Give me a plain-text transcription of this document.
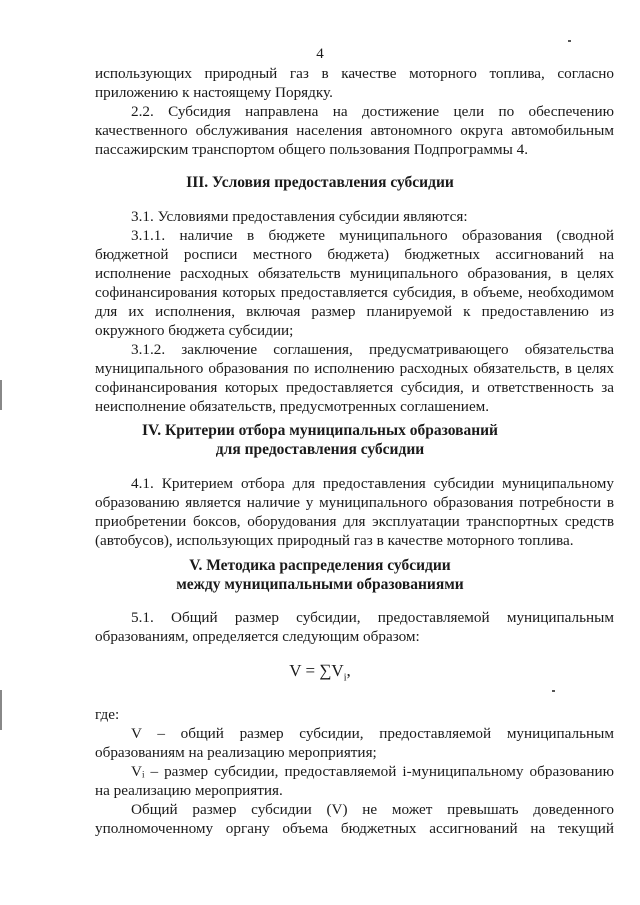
4
использующих природный газ в качестве моторного топлива, согласно
приложению к настоящему Порядку.
2.2. Субсидия направлена на достижение цели по обеспечению
качественного обслуживания населения автономного округа автомобильным
пассажирским транспортом общего пользования Подпрограммы 4.
3.1. Условиями предоставления субсидии являются:
3.1.1. наличие в бюджете муниципального образования (сводной
бюджетной росписи местного бюджета) бюджетных ассигнований на
исполнение расходных обязательств муниципального образования, в целях
софинансирования которых предоставляется субсидия, в объеме, необходимом
для их исполнения, включая размер планируемой к предоставлению из
окружного бюджета субсидии;
3.1.2. заключение соглашения, предусматривающего обязательства
муниципального образования по исполнению расходных обязательств, в целях
софинансирования которых предоставляется субсидия, и ответственность за
неисполнение обязательств, предусмотренных соглашением.
4.1. Критерием отбора для предоставления субсидии муниципальному
образованию является наличие у муниципального образования потребности в
приобретении боксов, оборудования для эксплуатации транспортных средств
(автобусов), использующих природный газ в качестве моторного топлива.
5.1. Общий размер субсидии, предоставляемой муниципальным
образованиям, определяется следующим образом:
где:
V – общий размер субсидии, предоставляемой муниципальным
образованиям на реализацию мероприятия;
Vᵢ – размер субсидии, предоставляемой i-муниципальному образованию
на реализацию мероприятия.
Общий размер субсидии (V) не может превышать доведенного
уполномоченному органу объема бюджетных ассигнований на текущий
III. Условия предоставления субсидии
IV. Критерии отбора муниципальных образований
для предоставления субсидии
V. Методика распределения субсидии
между муниципальными образованиями
$V = \sum V_i$,
